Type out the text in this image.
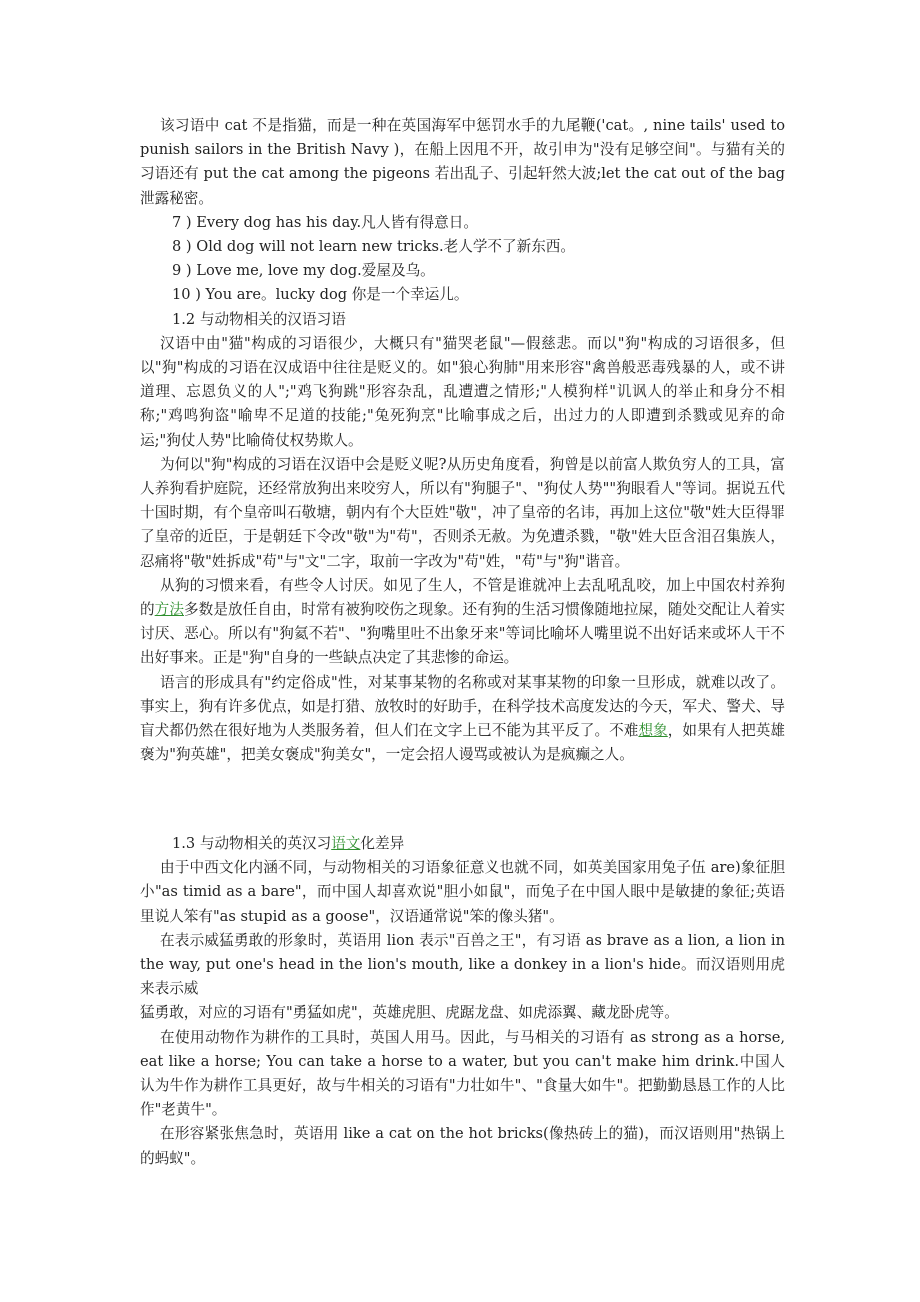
该习语中 cat 不是指猫，而是一种在英国海军中惩罚水手的九尾鞭('cat。, nine tails' used to punish sailors in the British Navy )，在船上因甩不开，故引申为"没有足够空间"。与猫有关的习语还有 put the cat among the pigeons 若出乱子、引起轩然大波;let the cat out of the bag 泄露秘密。

7 ) Every dog has his day.凡人皆有得意日。

8 ) Old dog will not learn new tricks.老人学不了新东西。

9 ) Love me, love my dog.爱屋及乌。

10 ) You are。lucky dog 你是一个幸运儿。

1.2 与动物相关的汉语习语

汉语中由"猫"构成的习语很少，大概只有"猫哭老鼠"—假慈悲。而以"狗"构成的习语很多，但以"狗"构成的习语在汉成语中往往是贬义的。如"狼心狗肺"用来形容"禽兽般恶毒残暴的人，或不讲道理、忘恩负义的人";"鸡飞狗跳"形容杂乱，乱遭遭之情形;"人模狗样"讥讽人的举止和身分不相称;"鸡鸣狗盗"喻卑不足道的技能;"兔死狗烹"比喻事成之后，出过力的人即遭到杀戮或见弃的命运;"狗仗人势"比喻倚仗权势欺人。

为何以"狗"构成的习语在汉语中会是贬义呢?从历史角度看，狗曾是以前富人欺负穷人的工具，富人养狗看护庭院，还经常放狗出来咬穷人，所以有"狗腿子"、"狗仗人势""狗眼看人"等词。据说五代十国时期，有个皇帝叫石敬塘，朝内有个大臣姓"敬"，冲了皇帝的名讳，再加上这位"敬"姓大臣得罪了皇帝的近臣，于是朝廷下令改"敬"为"苟"，否则杀无赦。为免遭杀戮，"敬"姓大臣含泪召集族人，忍痛将"敬"姓拆成"苟"与"文"二字，取前一字改为"苟"姓，"苟"与"狗"谐音。

从狗的习惯来看，有些令人讨厌。如见了生人，不管是谁就冲上去乱吼乱咬，加上中国农村养狗的方法多数是放任自由，时常有被狗咬伤之现象。还有狗的生活习惯像随地拉屎，随处交配让人着实讨厌、恶心。所以有"狗氦不若"、"狗嘴里吐不出象牙来"等词比喻坏人嘴里说不出好话来或坏人干不出好事来。正是"狗"自身的一些缺点决定了其悲惨的命运。

语言的形成具有"约定俗成"性，对某事某物的名称或对某事某物的印象一旦形成，就难以改了。事实上，狗有许多优点，如是打猎、放牧时的好助手，在科学技术高度发达的今天，军犬、警犬、导盲犬都仍然在很好地为人类服务着，但人们在文字上已不能为其平反了。不难想象，如果有人把英雄褒为"狗英雄"，把美女褒成"狗美女"，一定会招人谩骂或被认为是疯癫之人。

1.3 与动物相关的英汉习语文化差异

由于中西文化内涵不同，与动物相关的习语象征意义也就不同，如英美国家用兔子伍 are)象征胆小"as timid as a bare"，而中国人却喜欢说"胆小如鼠"，而兔子在中国人眼中是敏捷的象征;英语里说人笨有"as stupid as a goose"，汉语通常说"笨的像头猪"。

在表示威猛勇敢的形象时，英语用 lion 表示"百兽之王"，有习语 as brave as a lion, a lion in the way, put one's head in the lion's mouth, like a donkey in a lion's hide。而汉语则用虎来表示威

猛勇敢，对应的习语有"勇猛如虎"，英雄虎胆、虎踞龙盘、如虎添翼、藏龙卧虎等。

在使用动物作为耕作的工具时，英国人用马。因此，与马相关的习语有 as strong as a horse, eat like a horse; You can take a horse to a water, but you can't make him drink.中国人认为牛作为耕作工具更好，故与牛相关的习语有"力壮如牛"、"食量大如牛"。把勤勤恳恳工作的人比作"老黄牛"。

在形容紧张焦急时，英语用 like a cat on the hot bricks(像热砖上的猫)，而汉语则用"热锅上的蚂蚁"。
